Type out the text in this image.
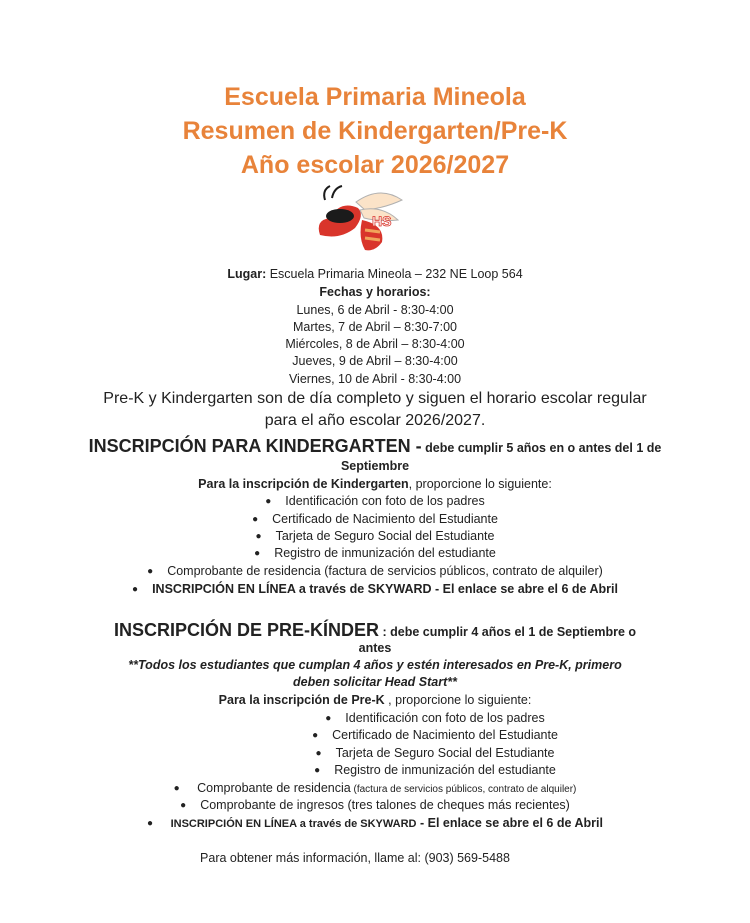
Escuela Primaria Mineola
Resumen de Kindergarten/Pre-K
Año escolar 2026/2027
HS
Lugar: Escuela Primaria Mineola – 232 NE Loop 564
Fechas y horarios:
Lunes, 6 de Abril - 8:30-4:00
Martes, 7 de Abril – 8:30-7:00
Miércoles, 8 de Abril – 8:30-4:00
Jueves, 9 de Abril – 8:30-4:00
Viernes, 10 de Abril - 8:30-4:00
Pre-K y Kindergarten son de día completo y siguen el horario escolar regular
para el año escolar 2026/2027.
INSCRIPCIÓN PARA KINDERGARTEN - debe cumplir 5 años en o antes del 1 de
Septiembre
Para la inscripción de Kindergarten, proporcione lo siguiente:
● Identificación con foto de los padres
● Certificado de Nacimiento del Estudiante
● Tarjeta de Seguro Social del Estudiante
● Registro de inmunización del estudiante
● Comprobante de residencia (factura de servicios públicos, contrato de alquiler)
● INSCRIPCIÓN EN LÍNEA a través de SKYWARD - El enlace se abre el 6 de Abril
INSCRIPCIÓN DE PRE-KÍNDER : debe cumplir 4 años el 1 de Septiembre o
antes
**Todos los estudiantes que cumplan 4 años y estén interesados en Pre-K, primero
deben solicitar Head Start**
Para la inscripción de Pre-K , proporcione lo siguiente:
● Identificación con foto de los padres
● Certificado de Nacimiento del Estudiante
● Tarjeta de Seguro Social del Estudiante
● Registro de inmunización del estudiante
● Comprobante de residencia (factura de servicios públicos, contrato de alquiler)
● Comprobante de ingresos (tres talones de cheques más recientes)
● INSCRIPCIÓN EN LÍNEA a través de SKYWARD - El enlace se abre el 6 de Abril
Para obtener más información, llame al: (903) 569-5488
